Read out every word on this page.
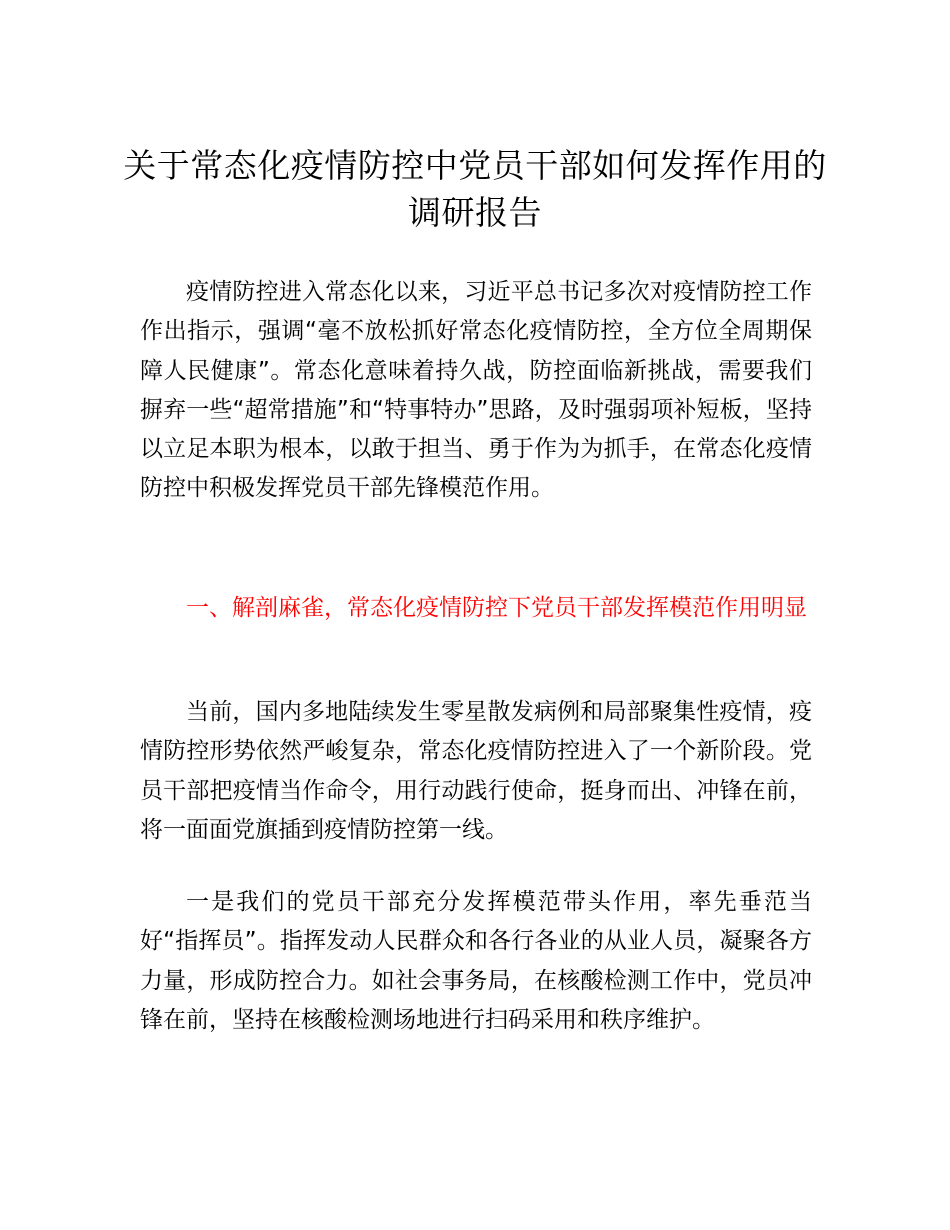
关于常态化疫情防控中党员干部如何发挥作用的调研报告

疫情防控进入常态化以来，习近平总书记多次对疫情防控工作作出指示，强调“毫不放松抓好常态化疫情防控，全方位全周期保障人民健康”。常态化意味着持久战，防控面临新挑战，需要我们摒弃一些“超常措施”和“特事特办”思路，及时强弱项补短板，坚持以立足本职为根本，以敢于担当、勇于作为为抓手，在常态化疫情防控中积极发挥党员干部先锋模范作用。

一、解剖麻雀，常态化疫情防控下党员干部发挥模范作用明显

当前，国内多地陆续发生零星散发病例和局部聚集性疫情，疫情防控形势依然严峻复杂，常态化疫情防控进入了一个新阶段。党员干部把疫情当作命令，用行动践行使命，挺身而出、冲锋在前，将一面面党旗插到疫情防控第一线。

一是我们的党员干部充分发挥模范带头作用，率先垂范当好“指挥员”。指挥发动人民群众和各行各业的从业人员，凝聚各方力量，形成防控合力。如社会事务局，在核酸检测工作中，党员冲锋在前，坚持在核酸检测场地进行扫码采用和秩序维护。
